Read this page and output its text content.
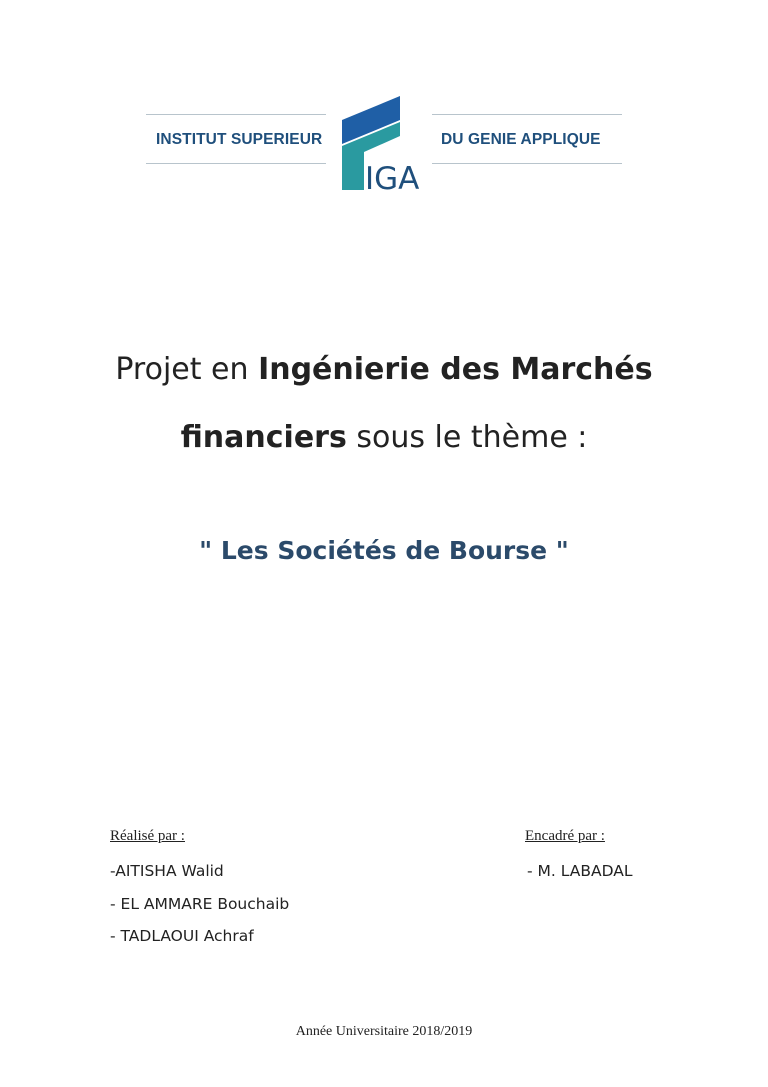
INSTITUT SUPERIEUR	DU GENIE APPLIQUE
IGA
Projet en Ingénierie des Marchés
financiers sous le thème :
" Les Sociétés de Bourse "
Réalisé par :
-AITISHA Walid
- EL AMMARE Bouchaib
- TADLAOUI Achraf
Encadré par :
- M. LABADAL
Année Universitaire 2018/2019
